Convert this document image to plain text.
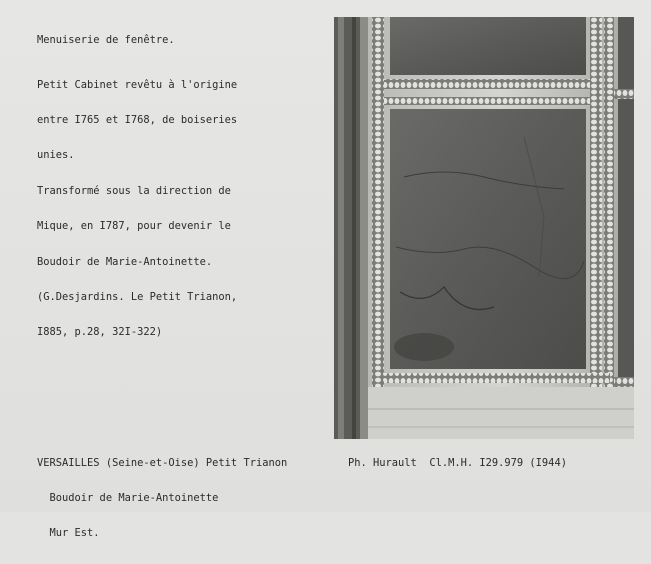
Menuiserie de fenêtre.

Petit Cabinet revêtu à l'origine

entre I765 et I768, de boiseries

unies.

Transformé sous la direction de

Mique, en I787, pour devenir le

Boudoir de Marie-Antoinette.

(G.Desjardins. Le Petit Trianon,

I885, p.28, 32I-322)

VERSAILLES (Seine-et-Oise) Petit Trianon

Boudoir de Marie-Antoinette

Mur Est.

Ph. Hurault  Cl.M.H. I29.979 (I944)
